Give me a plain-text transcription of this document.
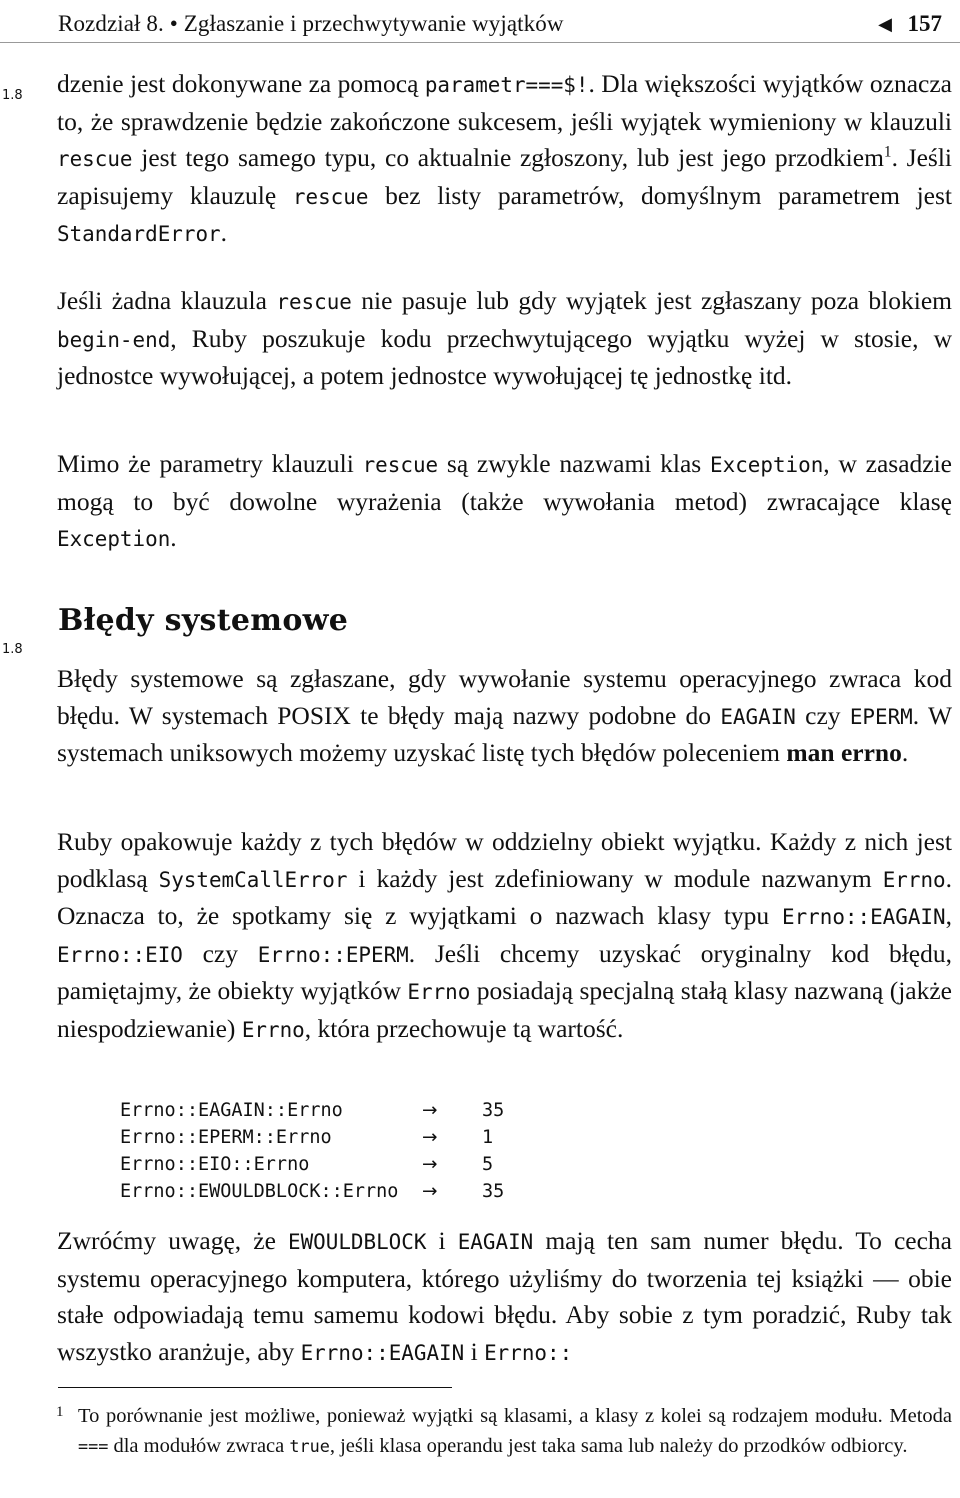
Rozdział 8. • Zgłaszanie i przechwytywanie wyjątków	◀ 157
1.8
1.8

dzenie jest dokonywane za pomocą parametr===$!. Dla większości wyjątków oznacza to, że sprawdzenie będzie zakończone sukcesem, jeśli wyjątek wymieniony w klauzuli rescue jest tego samego typu, co aktualnie zgłoszony, lub jest jego przodkiem$^1$. Jeśli zapisujemy klauzulę rescue bez listy parametrów, domyślnym parametrem jest StandardError.

Jeśli żadna klauzula rescue nie pasuje lub gdy wyjątek jest zgłaszany poza blokiem begin-end, Ruby poszukuje kodu przechwytującego wyjątku wyżej w stosie, w jednostce wywołującej, a potem jednostce wywołującej tę jednostkę itd.

Mimo że parametry klauzuli rescue są zwykle nazwami klas Exception, w zasadzie mogą to być dowolne wyrażenia (także wywołania metod) zwracające klasę Exception.

Błędy systemowe

Błędy systemowe są zgłaszane, gdy wywołanie systemu operacyjnego zwraca kod błędu. W systemach POSIX te błędy mają nazwy podobne do EAGAIN czy EPERM. W systemach uniksowych możemy uzyskać listę tych błędów poleceniem man errno.

Ruby opakowuje każdy z tych błędów w oddzielny obiekt wyjątku. Każdy z nich jest podklasą SystemCallError i każdy jest zdefiniowany w module nazwanym Errno. Oznacza to, że spotkamy się z wyjątkami o nazwach klasy typu Errno::EAGAIN, Errno::EIO czy Errno::EPERM. Jeśli chcemy uzyskać oryginalny kod błędu, pamiętajmy, że obiekty wyjątków Errno posiadają specjalną stałą klasy nazwaną (jakże niespodziewanie) Errno, która przechowuje tą wartość.

Errno::EAGAIN::Errno	→ 35
Errno::EPERM::Errno	→ 1
Errno::EIO::Errno	→ 5
Errno::EWOULDBLOCK::Errno → 35

Zwróćmy uwagę, że EWOULDBLOCK i EAGAIN mają ten sam numer błędu. To cecha systemu operacyjnego komputera, którego użyliśmy do tworzenia tej książki — obie stałe odpowiadają temu samemu kodowi błędu. Aby sobie z tym poradzić, Ruby tak wszystko aranżuje, aby Errno::EAGAIN i Errno::

1 To porównanie jest możliwe, ponieważ wyjątki są klasami, a klasy z kolei są rodzajem modułu. Metoda === dla modułów zwraca true, jeśli klasa operandu jest taka sama lub należy do przodków odbiorcy.
